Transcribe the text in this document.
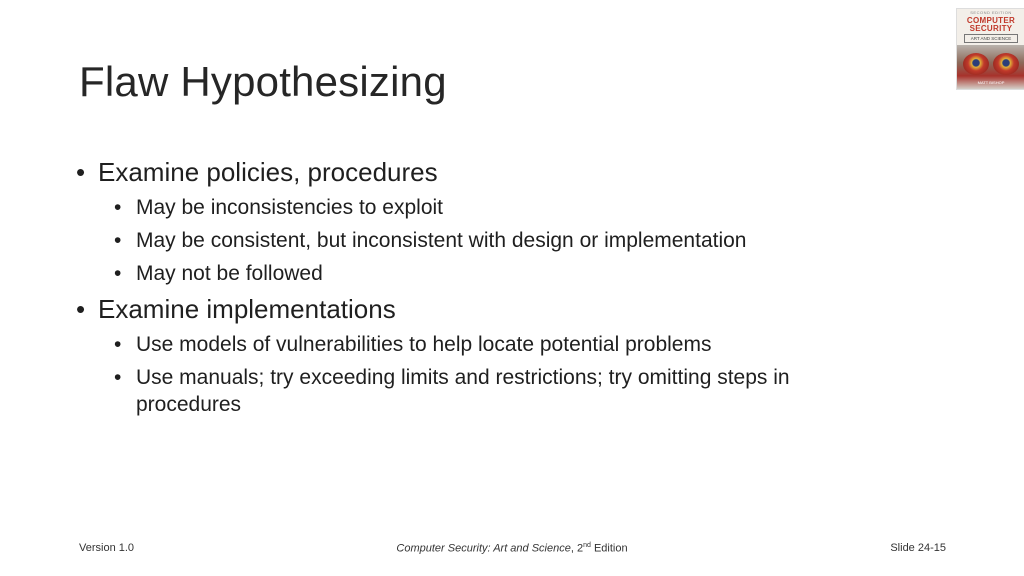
Flaw Hypothesizing
SECOND EDITION
COMPUTER
SECURITY
ART AND SCIENCE
MATT BISHOP
• Examine policies, procedures
• May be inconsistencies to exploit
• May be consistent, but inconsistent with design or implementation
• May not be followed
• Examine implementations
• Use models of vulnerabilities to help locate potential problems
• Use manuals; try exceeding limits and restrictions; try omitting steps in procedures
Version 1.0	Computer Security: Art and Science, 2nd Edition	Slide 24-15
